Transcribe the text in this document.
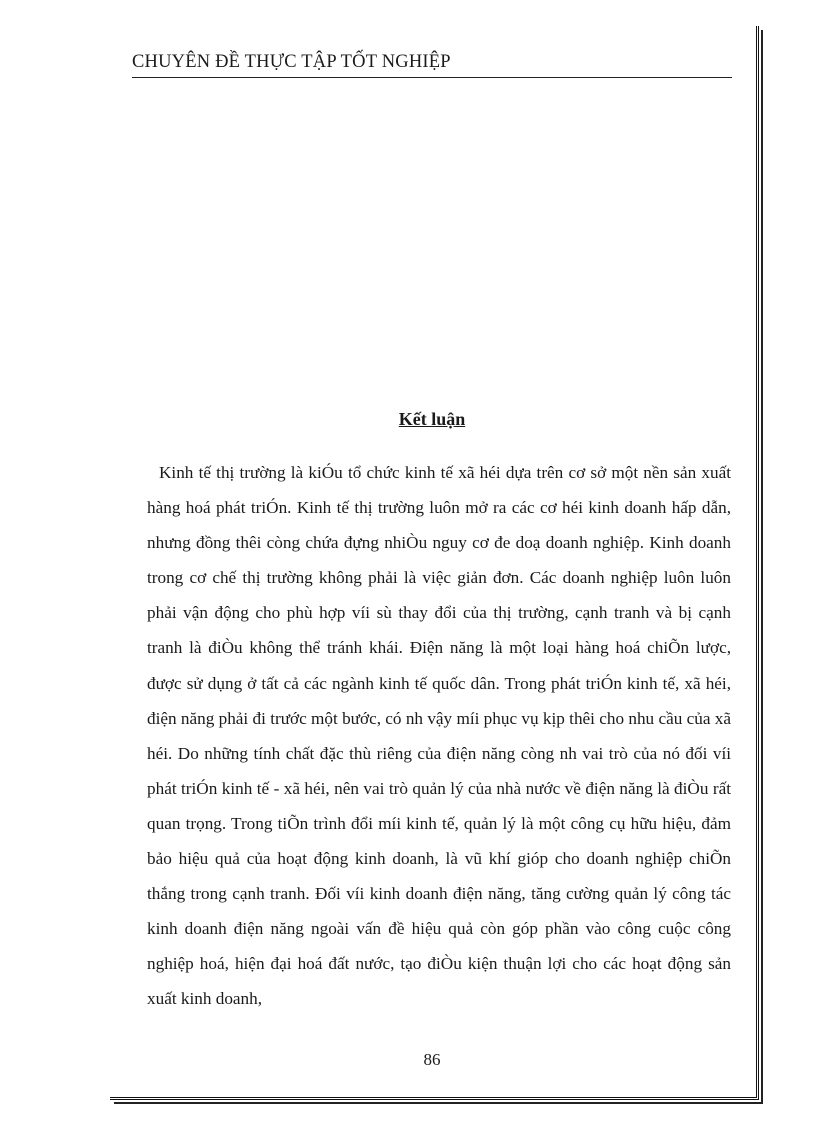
CHUYÊN ĐỀ THỰC TẬP TỐT NGHIỆP
Kết luận

Kinh tế thị trường là kiÓu tổ chức kinh tế xã héi dựa trên cơ sở một nền sản xuất hàng hoá phát triÓn. Kinh tế thị trường luôn mở ra các cơ héi kinh doanh hấp dẫn, nhưng đồng thêi còng chứa đựng nhiÒu nguy cơ đe doạ doanh nghiệp. Kinh doanh trong cơ chế thị trường không phải là việc giản đơn. Các doanh nghiệp luôn luôn phải vận động cho phù hợp víi sù thay đổi của thị trường, cạnh tranh và bị cạnh tranh là điÒu không thể tránh khái. Điện năng là một loại hàng hoá chiÕn lược, được sử dụng ở tất cả các ngành kinh tế quốc dân. Trong phát triÓn kinh tế, xã héi, điện năng phải đi trước một bước, có nh vậy míi phục vụ kịp thêi cho nhu cầu của xã héi. Do những tính chất đặc thù riêng của điện năng còng nh vai trò của nó đối víi phát triÓn kinh tế - xã héi, nên vai trò quản lý của nhà nước về điện năng là điÒu rất quan trọng. Trong tiÕn trình đổi míi kinh tế, quản lý là một công cụ hữu hiệu, đảm bảo hiệu quả của hoạt động kinh doanh, là vũ khí gióp cho doanh nghiệp chiÕn thắng trong cạnh tranh. Đối víi kinh doanh điện năng, tăng cường quản lý công tác kinh doanh điện năng ngoài vấn đề hiệu quả còn góp phần vào công cuộc công nghiệp hoá, hiện đại hoá đất nước, tạo điÒu kiện thuận lợi cho các hoạt động sản xuất kinh doanh,

86
